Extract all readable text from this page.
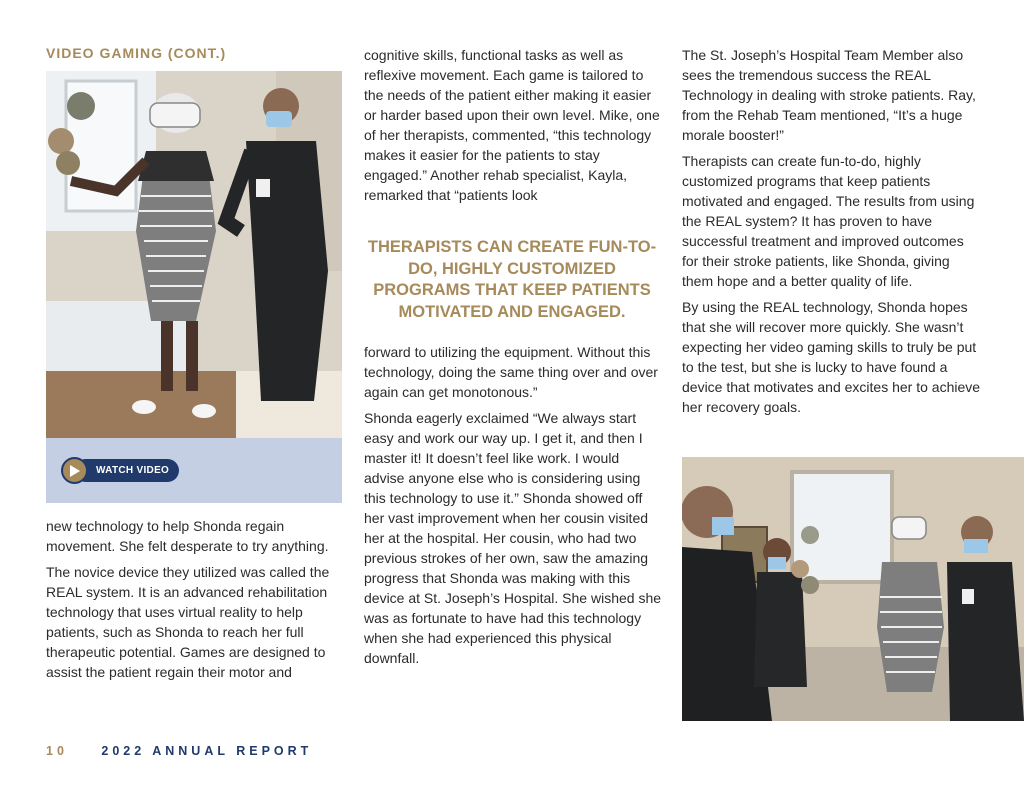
VIDEO GAMING (CONT.)
WATCH VIDEO

new technology to help Shonda regain movement. She felt desperate to try anything.

The novice device they utilized was called the REAL system. It is an advanced rehabilitation technology that uses virtual reality to help patients, such as Shonda to reach her full therapeutic potential. Games are designed to assist the patient regain their motor and

cognitive skills, functional tasks as well as reflexive movement. Each game is tailored to the needs of the patient either making it easier or harder based upon their own level. Mike, one of her therapists, commented, “this technology makes it easier for the patients to stay engaged.” Another rehab specialist, Kayla, remarked that “patients look

THERAPISTS CAN CREATE FUN-TO-DO, HIGHLY CUSTOMIZED PROGRAMS THAT KEEP PATIENTS MOTIVATED AND ENGAGED.

forward to utilizing the equipment. Without this technology, doing the same thing over and over again can get monotonous.”

Shonda eagerly exclaimed “We always start easy and work our way up. I get it, and then I master it! It doesn’t feel like work. I would advise anyone else who is considering using this technology to use it.” Shonda showed off her vast improvement when her cousin visited her at the hospital. Her cousin, who had two previous strokes of her own, saw the amazing progress that Shonda was making with this device at St. Joseph’s Hospital. She wished she was as fortunate to have had this technology when she had experienced this physical downfall.

The St. Joseph’s Hospital Team Member also sees the tremendous success the REAL Technology in dealing with stroke patients. Ray, from the Rehab Team mentioned, “It’s a huge morale booster!”

Therapists can create fun-to-do, highly customized programs that keep patients motivated and engaged. The results from using the REAL system? It has proven to have successful treatment and improved outcomes for their stroke patients, like Shonda, giving them hope and a better quality of life.

By using the REAL technology, Shonda hopes that she will recover more quickly. She wasn’t expecting her video gaming skills to truly be put to the test, but she is lucky to have found a device that motivates and excites her to achieve her recovery goals.

10	2022 ANNUAL REPORT
